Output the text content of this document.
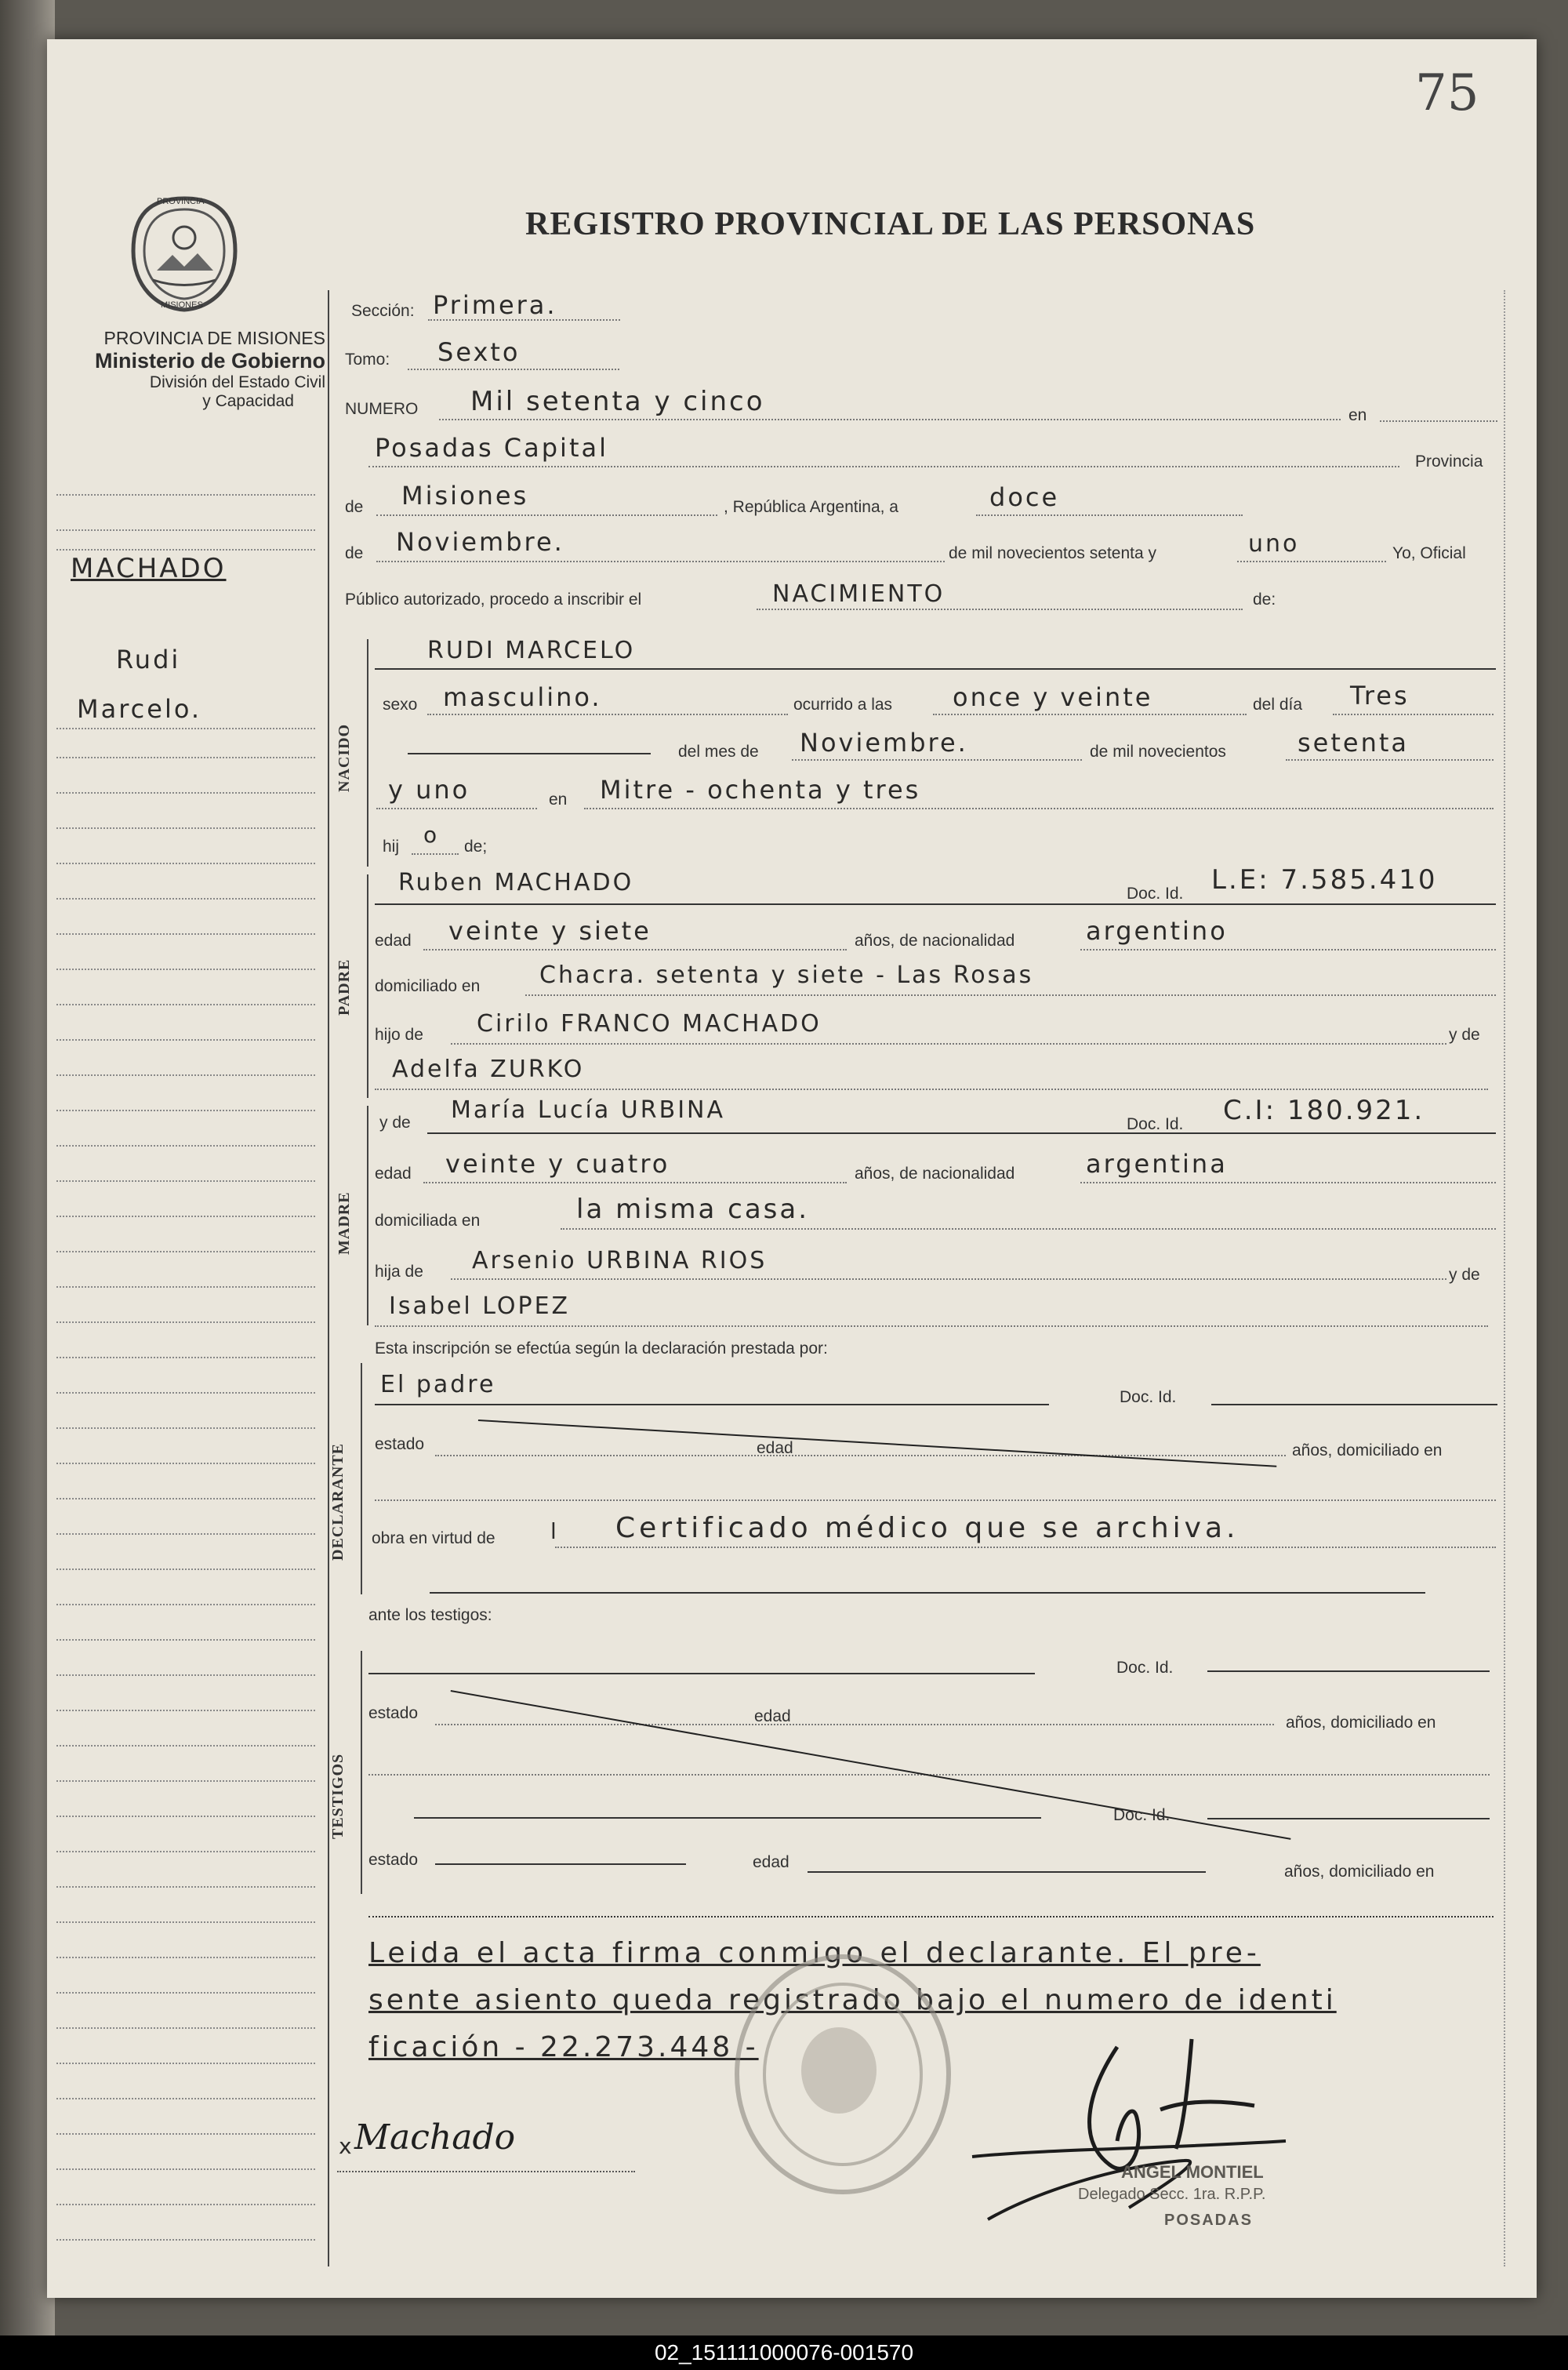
75
PROVINCIA
MISIONES
PROVINCIA DE MISIONES
Ministerio de Gobierno
División del Estado Civil
y Capacidad
REGISTRO PROVINCIAL DE LAS PERSONAS
MACHADO
Rudi
Marcelo.
Sección: Primera.
Tomo: Sexto
NUMERO Mil setenta y cinco	en
Posadas Capital	Provincia
de Misiones	, República Argentina, a	doce
de Noviembre.	de mil novecientos setenta y	uno	Yo, Oficial
Público autorizado, procedo a inscribir el	NACIMIENTO	de:
NACIDO
RUDI MARCELO
sexo masculino.	ocurrido a las once y veinte	del día Tres
del mes de Noviembre.	de mil novecientos	setenta
y uno	en Mitre - ochenta y tres
hij o de;
PADRE
Ruben MACHADO	Doc. Id. L.E: 7.585.410
edad veinte y siete	años, de nacionalidad	argentino
domiciliado en	Chacra. setenta y siete - Las Rosas
hijo de Cirilo FRANCO MACHADO	y de
Adelfa ZURKO
MADRE
y de María Lucía URBINA
Doc. Id. C.I: 180.921.
edad veinte y cuatro	años, de nacionalidad	argentina
domiciliada en	la misma casa.
hija de Arsenio URBINA RIOS
y de
Isabel LOPEZ
Esta inscripción se efectúa según la declaración prestada por:
DECLARANTE
El padre	Doc. Id.
estado	edad	años, domiciliado en
obra en virtud de	l Certificado médico que se archiva.
ante los testigos:
TESTIGOS
Doc. Id.
estado	edad	años, domiciliado en
Doc. Id.
estado	edad
años, domiciliado en
Leida el acta firma conmigo el declarante. El pre-
sente asiento queda registrado bajo el numero de identi
ficación - 22.273.448 -
x Machado
ANGEL MONTIEL
Delegado Secc. 1ra. R.P.P.
POSADAS
02_151111000076-001570
